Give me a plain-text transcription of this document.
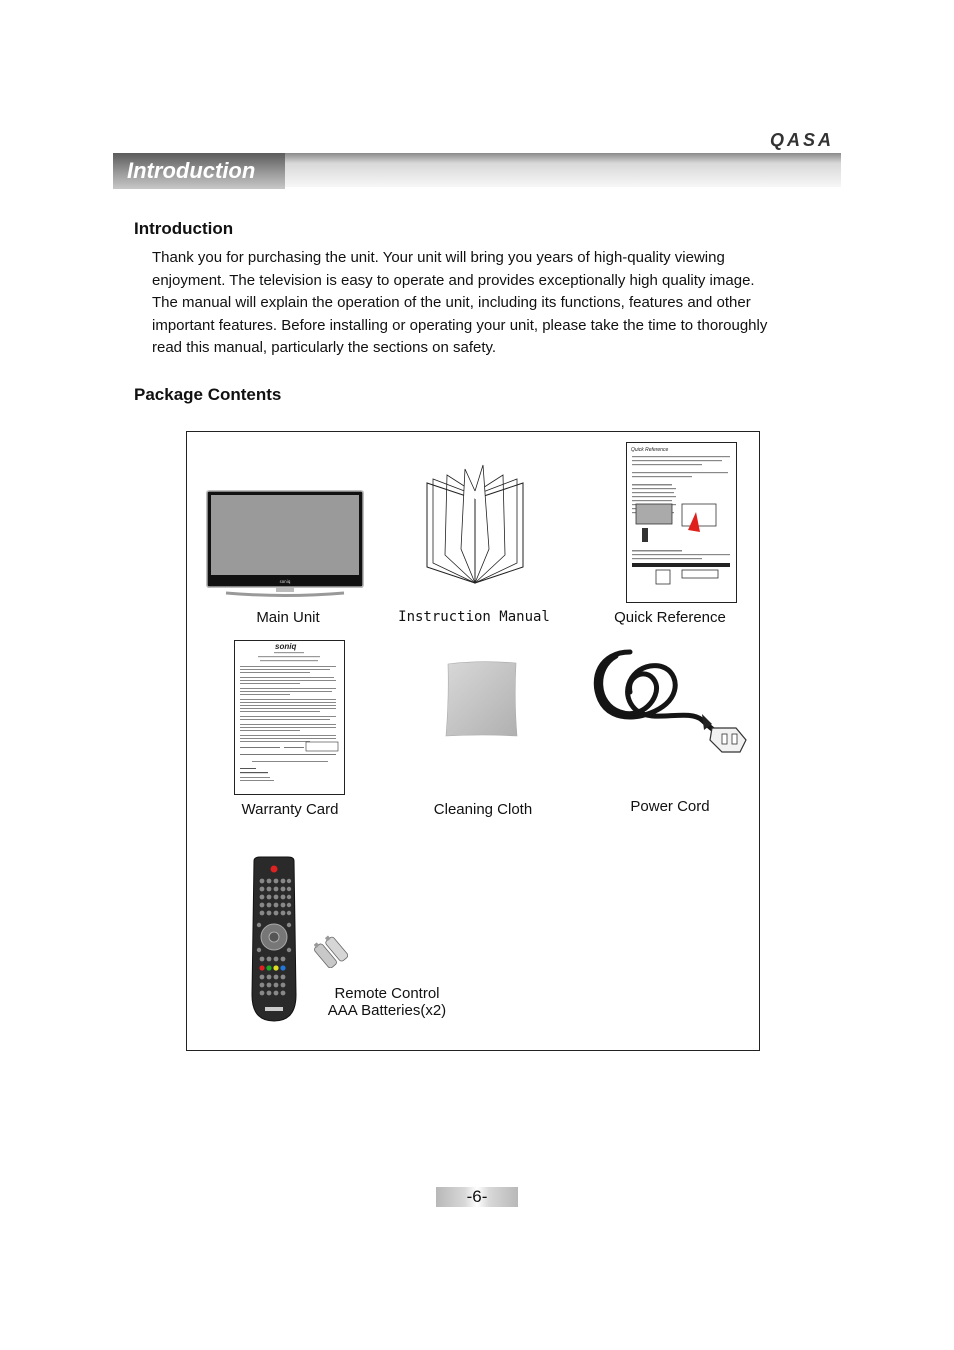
QASA
Introduction
Introduction
Thank you for purchasing the unit. Your unit will bring you years of high-quality viewing
enjoyment. The television is easy to operate and provides exceptionally high quality image.
The manual will explain the operation of the unit, including its functions, features and other
important features. Before installing or operating your unit, please take the time to thoroughly
read this manual, particularly the sections on safety.
Package Contents
soniq
Main Unit	Instruction Manual
Quick Reference
Quick Reference
soniq
Warranty Card	Cleaning Cloth	Power Cord
Remote Control
AAA Batteries(x2)
-6-
